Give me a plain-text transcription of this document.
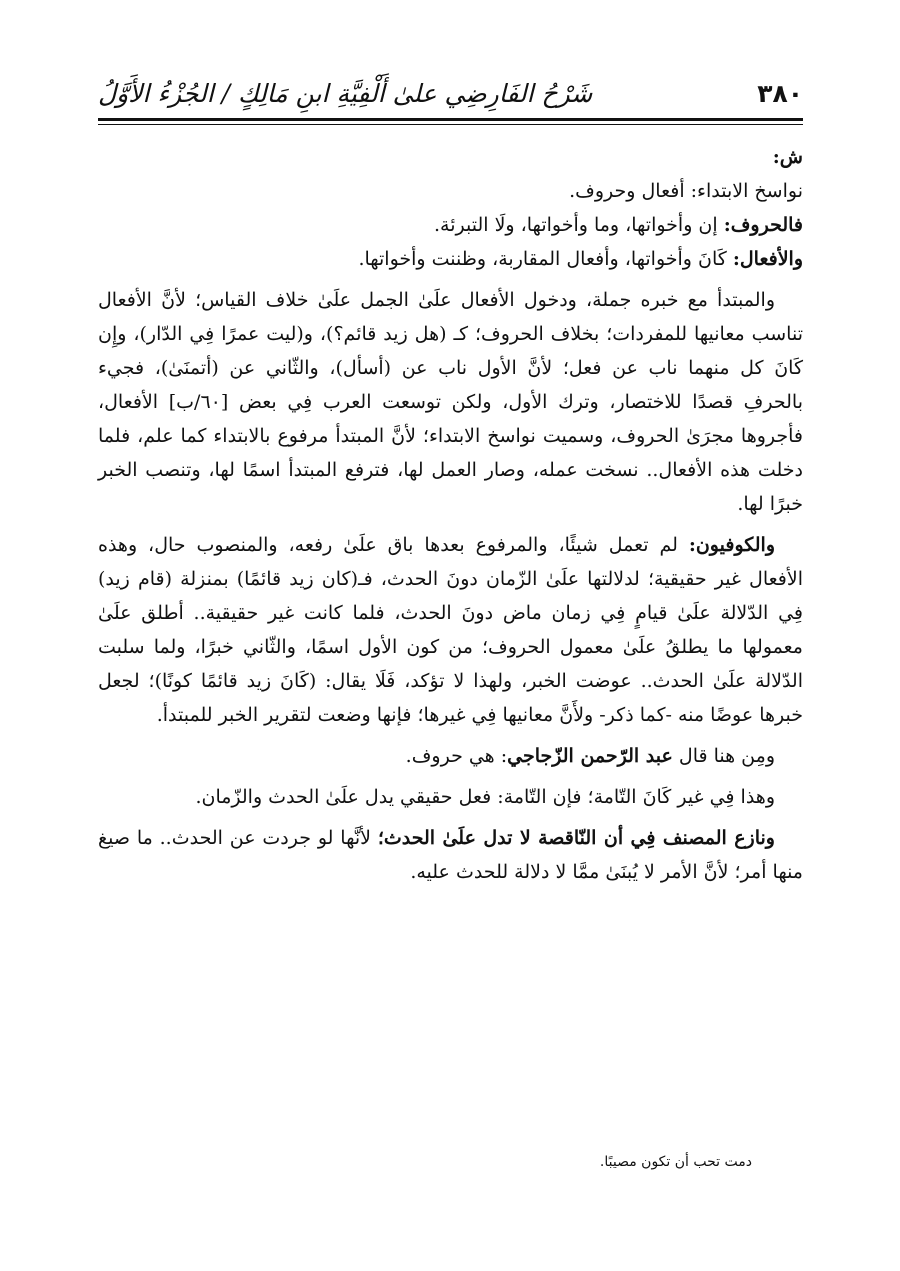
شَرْحُ الفَارِضِي علىٰ أَلْفِيَّةِ ابنِ مَالِكٍ / الجُزْءُ الأَوَّلُ	٣٨٠

ش:

نواسخ الابتداء: أفعال وحروف.

فالحروف: إن وأخواتها، وما وأخواتها، ولَا التبرئة.

والأفعال: كَانَ وأخواتها، وأفعال المقاربة، وظننت وأخواتها.

والمبتدأ مع خبره جملة، ودخول الأفعال علَىٰ الجمل علَىٰ خلاف القياس؛ لأنَّ الأفعال تناسب معانيها للمفردات؛ بخلاف الحروف؛ كـ (هل زيد قائم؟)، و(ليت عمرًا فِي الدّار)، وإِن كَانَ كل منهما ناب عن فعل؛ لأنَّ الأول ناب عن (أسأل)، والثّاني عن (أتمنَىٰ)، فجيء بالحرفِ قصدًا للاختصار، وترك الأول، ولكن توسعت العرب فِي بعض [٦٠/ب] الأفعال، فأجروها مجرَىٰ الحروف، وسميت نواسخ الابتداء؛ لأنَّ المبتدأ مرفوع بالابتداء كما علم، فلما دخلت هذه الأفعال.. نسخت عمله، وصار العمل لها، فترفع المبتدأ اسمًا لها، وتنصب الخبر خبرًا لها.

والكوفيون: لم تعمل شيئًا، والمرفوع بعدها باق علَىٰ رفعه، والمنصوب حال، وهذه الأفعال غير حقيقية؛ لدلالتها علَىٰ الزّمان دونَ الحدث، فـ(كان زيد قائمًا) بمنزلة (قام زيد) فِي الدّلالة علَىٰ قيامٍ فِي زمان ماض دونَ الحدث، فلما كانت غير حقيقية.. أطلق علَىٰ معمولها ما يطلقُ علَىٰ معمول الحروف؛ من كون الأول اسمًا، والثّاني خبرًا، ولما سلبت الدّلالة علَىٰ الحدث.. عوضت الخبر، ولهذا لا تؤكد، فَلَا يقال: (كَانَ زيد قائمًا كونًا)؛ لجعل خبرها عوضًا منه -كما ذكر- ولأَنَّ معانيها فِي غيرها؛ فإنها وضعت لتقرير الخبر للمبتدأ.

ومِن هنا قال عبد الرّحمن الزّجاجي: هي حروف.

وهذا فِي غير كَانَ التّامة؛ فإن التّامة: فعل حقيقي يدل علَىٰ الحدث والزّمان.

ونازع المصنف فِي أن النّاقصة لا تدل علَىٰ الحدث؛ لأنَّها لو جردت عن الحدث.. ما صيغ منها أمر؛ لأنَّ الأمر لا يُبنَىٰ ممَّا لا دلالة للحدث عليه.

دمت تحب أن تكون مصيبًا.
